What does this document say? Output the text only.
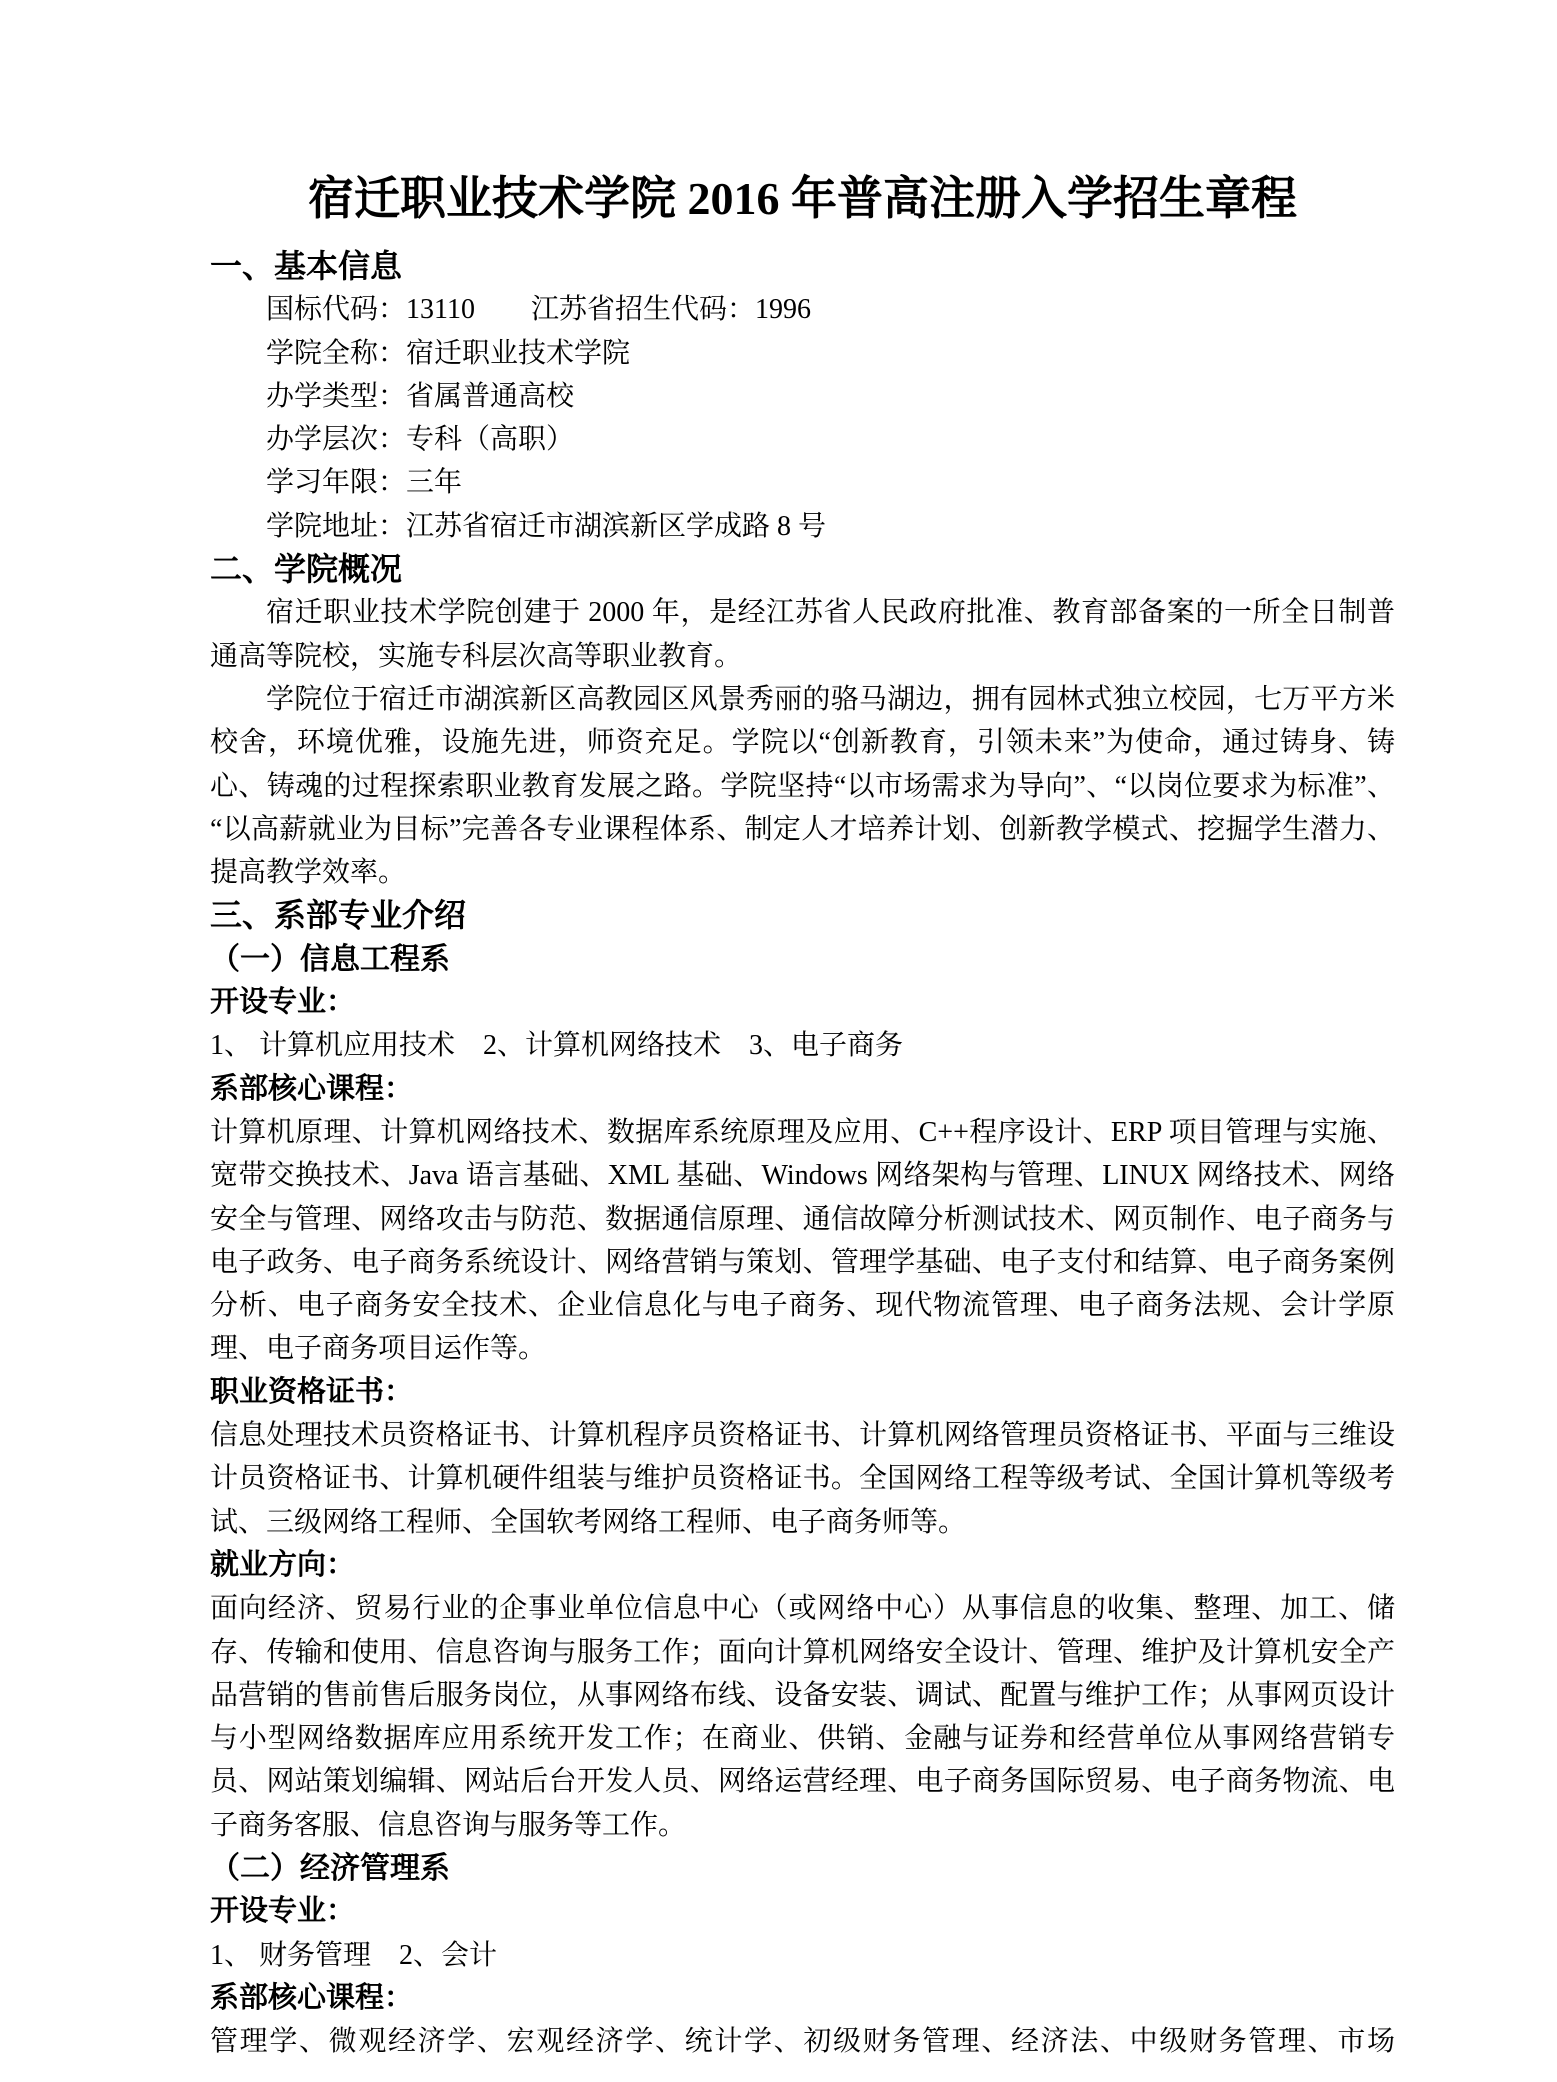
宿迁职业技术学院 2016 年普高注册入学招生章程
一、基本信息
国标代码：13110　　江苏省招生代码：1996
学院全称：宿迁职业技术学院
办学类型：省属普通高校
办学层次：专科（高职）
学习年限：三年
学院地址：江苏省宿迁市湖滨新区学成路 8 号
二、学院概况

宿迁职业技术学院创建于 2000 年，是经江苏省人民政府批准、教育部备案的一所全日制普通高等院校，实施专科层次高等职业教育。

学院位于宿迁市湖滨新区高教园区风景秀丽的骆马湖边，拥有园林式独立校园，七万平方米校舍，环境优雅，设施先进，师资充足。学院以“创新教育，引领未来”为使命，通过铸身、铸心、铸魂的过程探索职业教育发展之路。学院坚持“以市场需求为导向”、“以岗位要求为标准”、“以高薪就业为目标”完善各专业课程体系、制定人才培养计划、创新教学模式、挖掘学生潜力、提高教学效率。

三、系部专业介绍
（一）信息工程系
开设专业：
1、 计算机应用技术　2、计算机网络技术　3、电子商务
系部核心课程：

计算机原理、计算机网络技术、数据库系统原理及应用、C++程序设计、ERP 项目管理与实施、宽带交换技术、Java 语言基础、XML 基础、Windows 网络架构与管理、LINUX 网络技术、网络安全与管理、网络攻击与防范、数据通信原理、通信故障分析测试技术、网页制作、电子商务与电子政务、电子商务系统设计、网络营销与策划、管理学基础、电子支付和结算、电子商务案例分析、电子商务安全技术、企业信息化与电子商务、现代物流管理、电子商务法规、会计学原理、电子商务项目运作等。

职业资格证书：

信息处理技术员资格证书、计算机程序员资格证书、计算机网络管理员资格证书、平面与三维设计员资格证书、计算机硬件组装与维护员资格证书。全国网络工程等级考试、全国计算机等级考试、三级网络工程师、全国软考网络工程师、电子商务师等。

就业方向：

面向经济、贸易行业的企事业单位信息中心（或网络中心）从事信息的收集、整理、加工、储存、传输和使用、信息咨询与服务工作；面向计算机网络安全设计、管理、维护及计算机安全产品营销的售前售后服务岗位，从事网络布线、设备安装、调试、配置与维护工作；从事网页设计与小型网络数据库应用系统开发工作；在商业、供销、金融与证券和经营单位从事网络营销专员、网站策划编辑、网站后台开发人员、网络运营经理、电子商务国际贸易、电子商务物流、电子商务客服、信息咨询与服务等工作。

（二）经济管理系
开设专业：
1、 财务管理　2、会计
系部核心课程：

管理学、微观经济学、宏观经济学、统计学、初级财务管理、经济法、中级财务管理、市场
